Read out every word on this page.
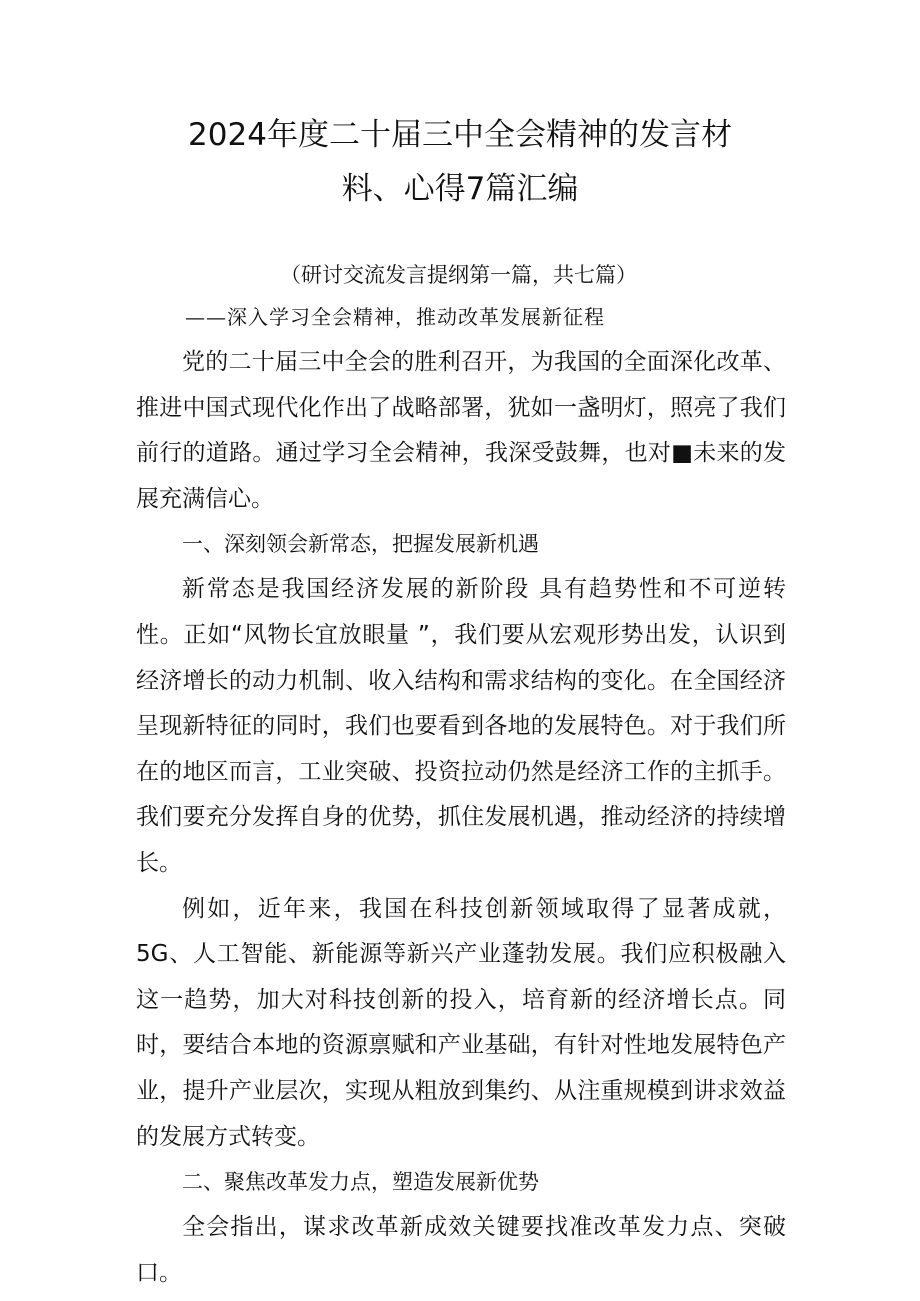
2024年度二十届三中全会精神的发言材
料、心得7篇汇编
（研讨交流发言提纲第一篇，共七篇）
——深入学习全会精神，推动改革发展新征程

党的二十届三中全会的胜利召开，为我国的全面深化改革、推进中国式现代化作出了战略部署，犹如一盏明灯，照亮了我们前行的道路。通过学习全会精神，我深受鼓舞，也对■未来的发展充满信心。

一、深刻领会新常态，把握发展新机遇

新常态是我国经济发展的新阶段 具有趋势性和不可逆转性。正如“风物长宜放眼量 ”，我们要从宏观形势出发，认识到经济增长的动力机制、收入结构和需求结构的变化。在全国经济呈现新特征的同时，我们也要看到各地的发展特色。对于我们所在的地区而言，工业突破、投资拉动仍然是经济工作的主抓手。我们要充分发挥自身的优势，抓住发展机遇，推动经济的持续增长。

例如，近年来，我国在科技创新领域取得了显著成就，5G、人工智能、新能源等新兴产业蓬勃发展。我们应积极融入这一趋势，加大对科技创新的投入，培育新的经济增长点。同时，要结合本地的资源禀赋和产业基础，有针对性地发展特色产业，提升产业层次，实现从粗放到集约、从注重规模到讲求效益的发展方式转变。

二、聚焦改革发力点，塑造发展新优势

全会指出，谋求改革新成效关键要找准改革发力点、突破口。
